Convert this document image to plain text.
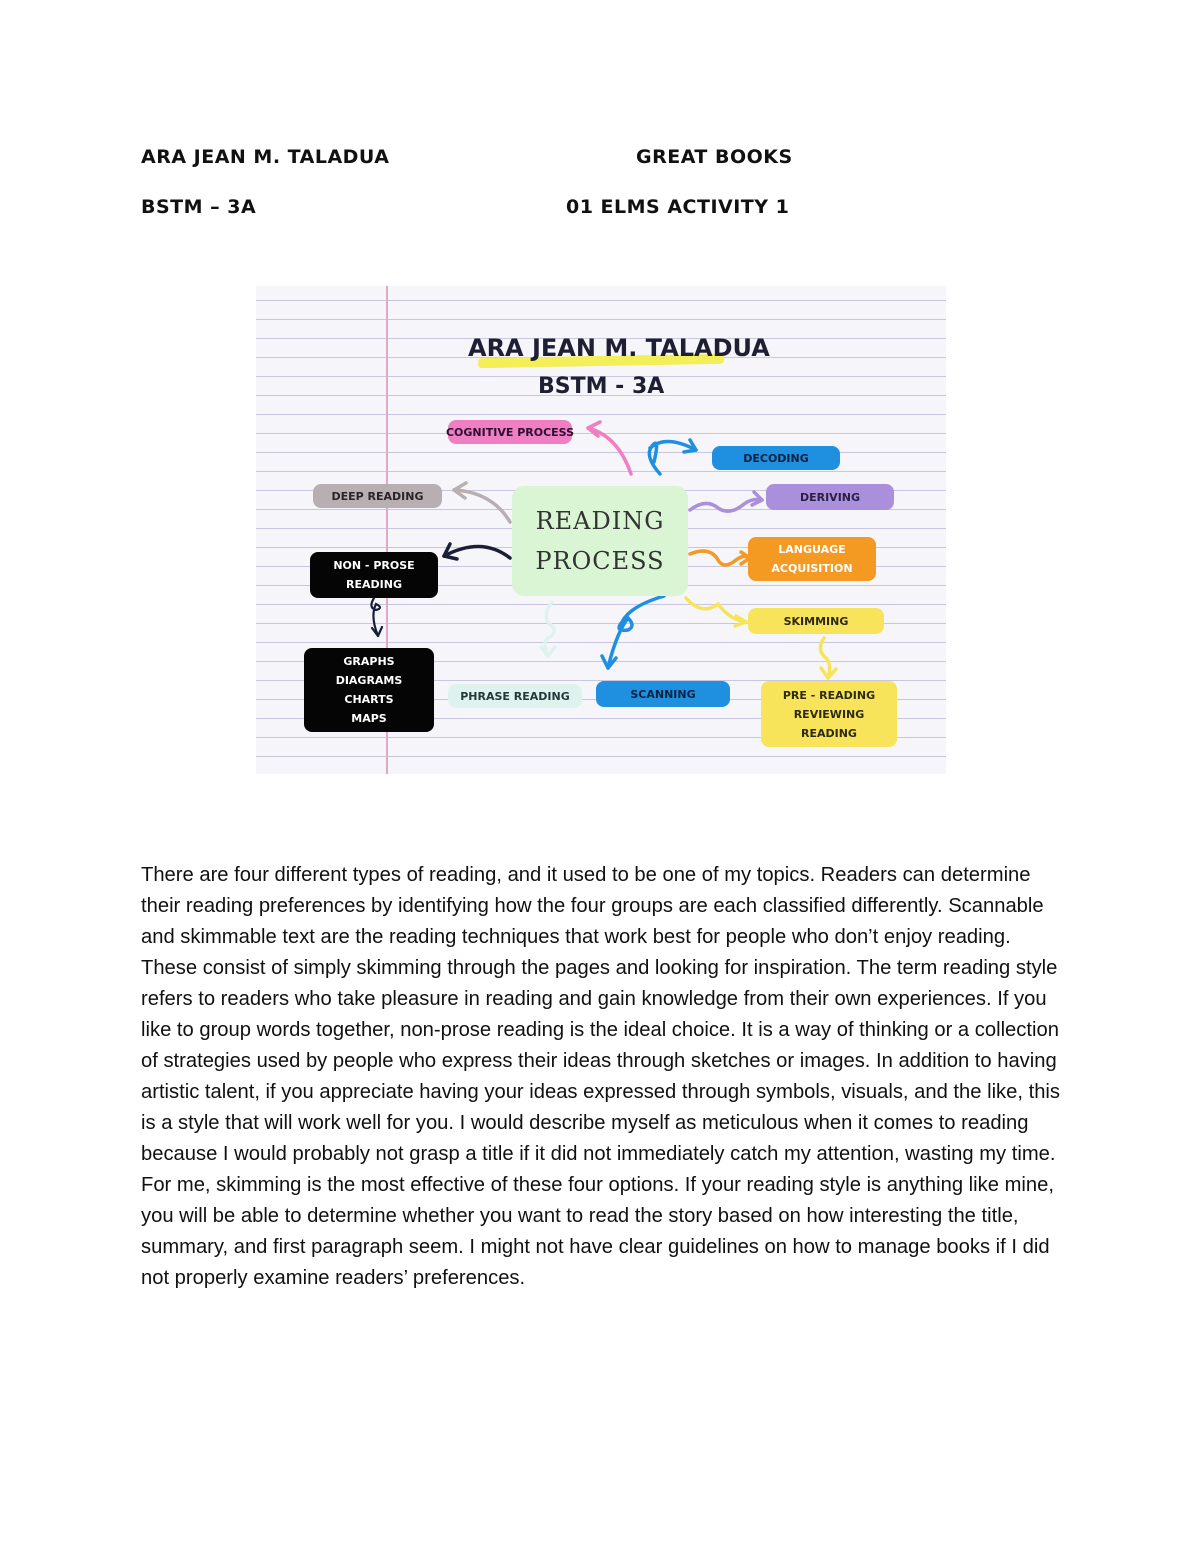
ARA JEAN M. TALADUA	GREAT BOOKS
BSTM – 3A	01 ELMS ACTIVITY 1
ARA JEAN M. TALADUA
BSTM - 3A
READING
PROCESS
COGNITIVE PROCESS
DECODING
DEEP READING	DERIVING
NON - PROSE
READING
LANGUAGE
ACQUISITION
SKIMMING
GRAPHS
DIAGRAMS
CHARTS
MAPS
PHRASE READING	SCANNING	PRE - READING
REVIEWING
READING

There are four different types of reading, and it used to be one of my topics. Readers can determine their reading preferences by identifying how the four groups are each classified differently. Scannable and skimmable text are the reading techniques that work best for people who don’t enjoy reading. These consist of simply skimming through the pages and looking for inspiration. The term reading style refers to readers who take pleasure in reading and gain knowledge from their own experiences. If you like to group words together, non-prose reading is the ideal choice. It is a way of thinking or a collection of strategies used by people who express their ideas through sketches or images. In addition to having artistic talent, if you appreciate having your ideas expressed through symbols, visuals, and the like, this is a style that will work well for you. I would describe myself as meticulous when it comes to reading because I would probably not grasp a title if it did not immediately catch my attention, wasting my time. For me, skimming is the most effective of these four options. If your reading style is anything like mine, you will be able to determine whether you want to read the story based on how interesting the title, summary, and first paragraph seem. I might not have clear guidelines on how to manage books if I did not properly examine readers’ preferences.
